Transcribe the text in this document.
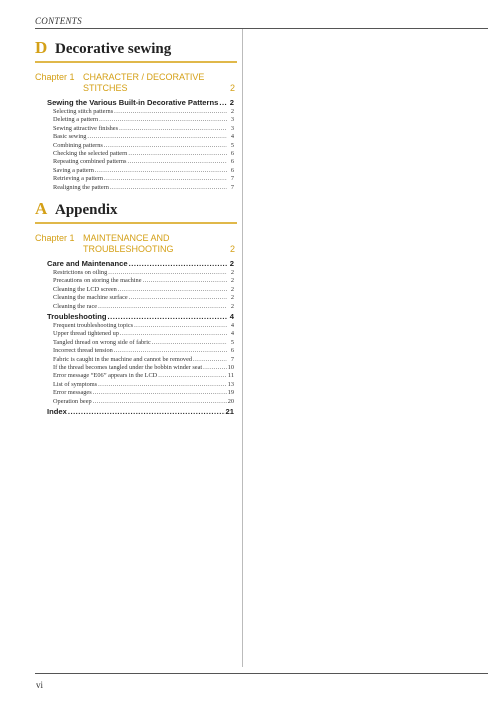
CONTENTS
D Decorative sewing
Chapter 1 CHARACTER / DECORATIVE STITCHES	2
Sewing the Various Built-in Decorative Patterns ..... 2
Selecting stitch patterns .....	2
Deleting a pattern .....	3
Sewing attractive finishes .....	3
Basic sewing .....	4
Combining patterns .....	5
Checking the selected pattern .....	6
Repeating combined patterns .....	6
Saving a pattern .....	6
Retrieving a pattern .....	7
Realigning the pattern .....	7
A Appendix
Chapter 1 MAINTENANCE AND TROUBLESHOOTING	2
Care and Maintenance .....	2
Restrictions on oiling .....	2
Precautions on storing the machine .....	2
Cleaning the LCD screen .....	2
Cleaning the machine surface .....	2
Cleaning the race .....	2
Troubleshooting .....	4
Frequent troubleshooting topics .....	4
Upper thread tightened up .....	4
Tangled thread on wrong side of fabric .....	5
Incorrect thread tension .....	6
Fabric is caught in the machine and cannot be removed .....	7
If the thread becomes tangled under the bobbin winder seat .....	10
Error message “E06” appears in the LCD .....	11
List of symptoms .....	13
Error messages .....	19
Operation beep .....	20
Index .....	21
vi
